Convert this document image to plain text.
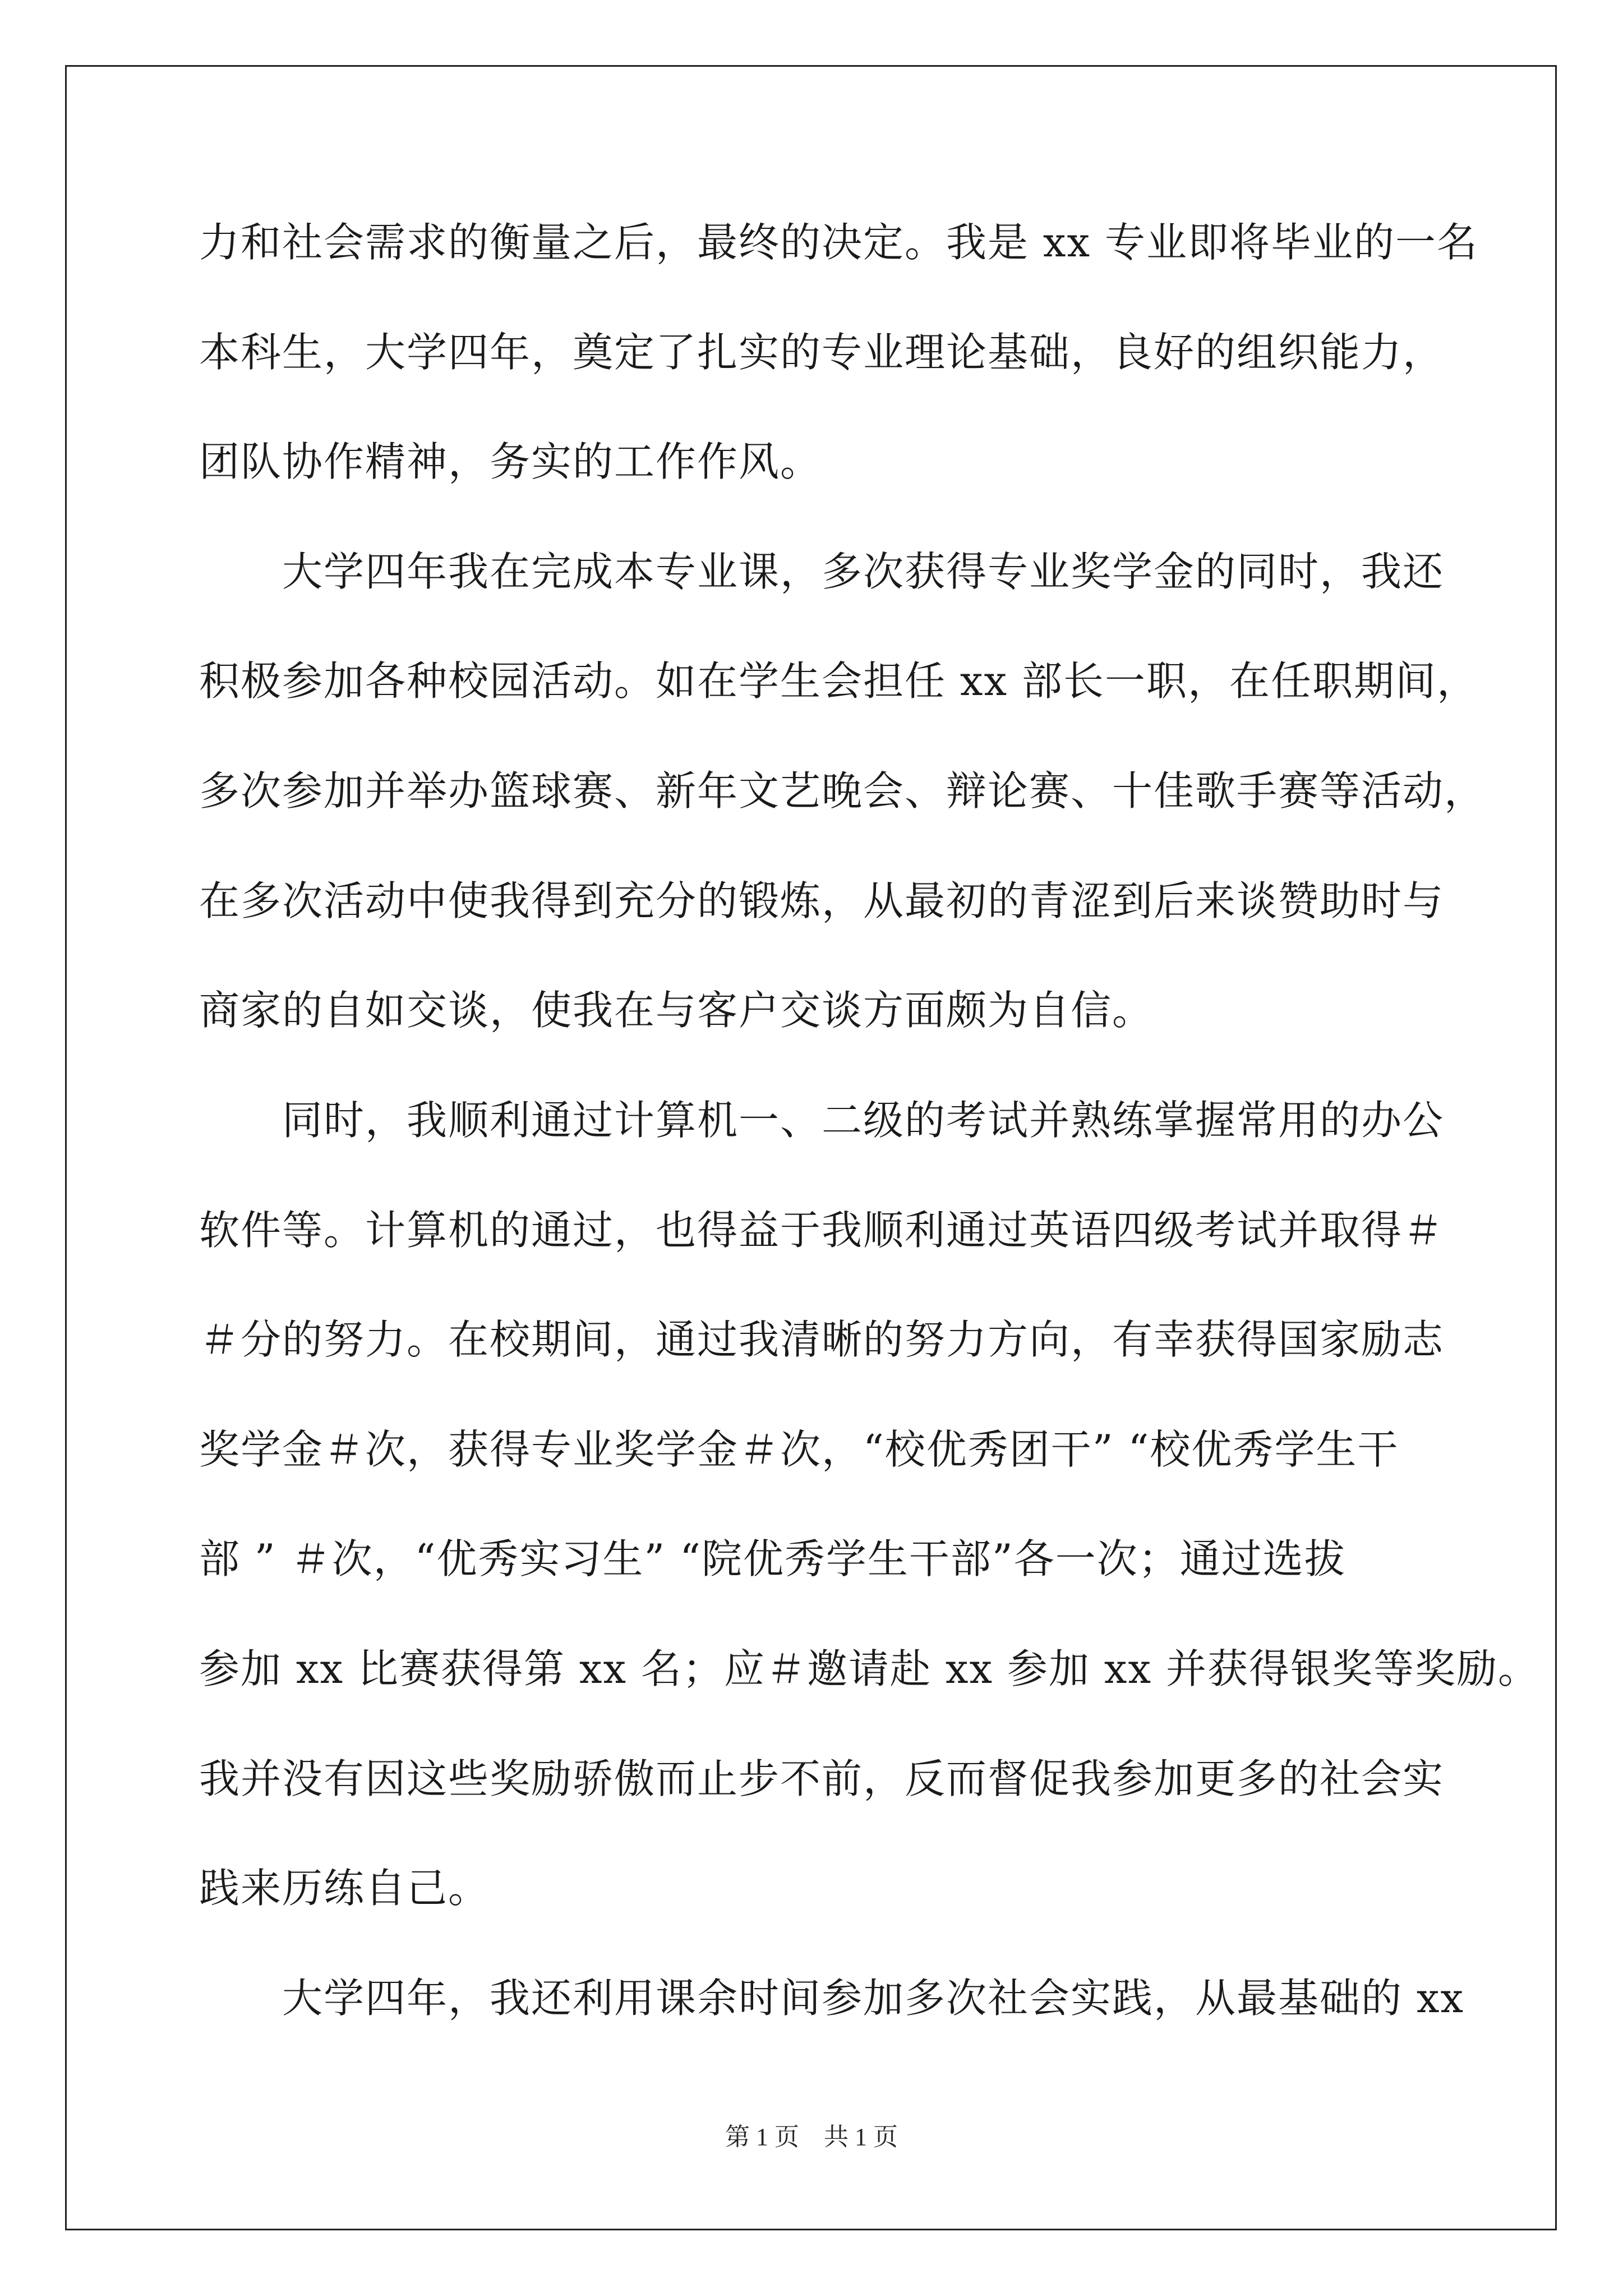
力和社会需求的衡量之后，最终的决定。我是 xx 专业即将毕业的一名
本科生，大学四年，奠定了扎实的专业理论基础，良好的组织能力，
团队协作精神，务实的工作作风。
　　大学四年我在完成本专业课，多次获得专业奖学金的同时，我还
积极参加各种校园活动。如在学生会担任 xx 部长一职，在任职期间，
多次参加并举办篮球赛、新年文艺晚会、辩论赛、十佳歌手赛等活动，
在多次活动中使我得到充分的锻炼，从最初的青涩到后来谈赞助时与
商家的自如交谈，使我在与客户交谈方面颇为自信。
　　同时，我顺利通过计算机一、二级的考试并熟练掌握常用的办公
软件等。计算机的通过，也得益于我顺利通过英语四级考试并取得＃
＃分的努力。在校期间，通过我清晰的努力方向，有幸获得国家励志
奖学金＃次，获得专业奖学金＃次，“校优秀团干” “校优秀学生干
部 ” ＃次，“优秀实习生” “院优秀学生干部”各一次；通过选拔
参加 xx 比赛获得第 xx 名；应＃邀请赴 xx 参加 xx 并获得银奖等奖励。
我并没有因这些奖励骄傲而止步不前，反而督促我参加更多的社会实
践来历练自己。
　　大学四年，我还利用课余时间参加多次社会实践，从最基础的 xx
第 1 页　共 1 页
